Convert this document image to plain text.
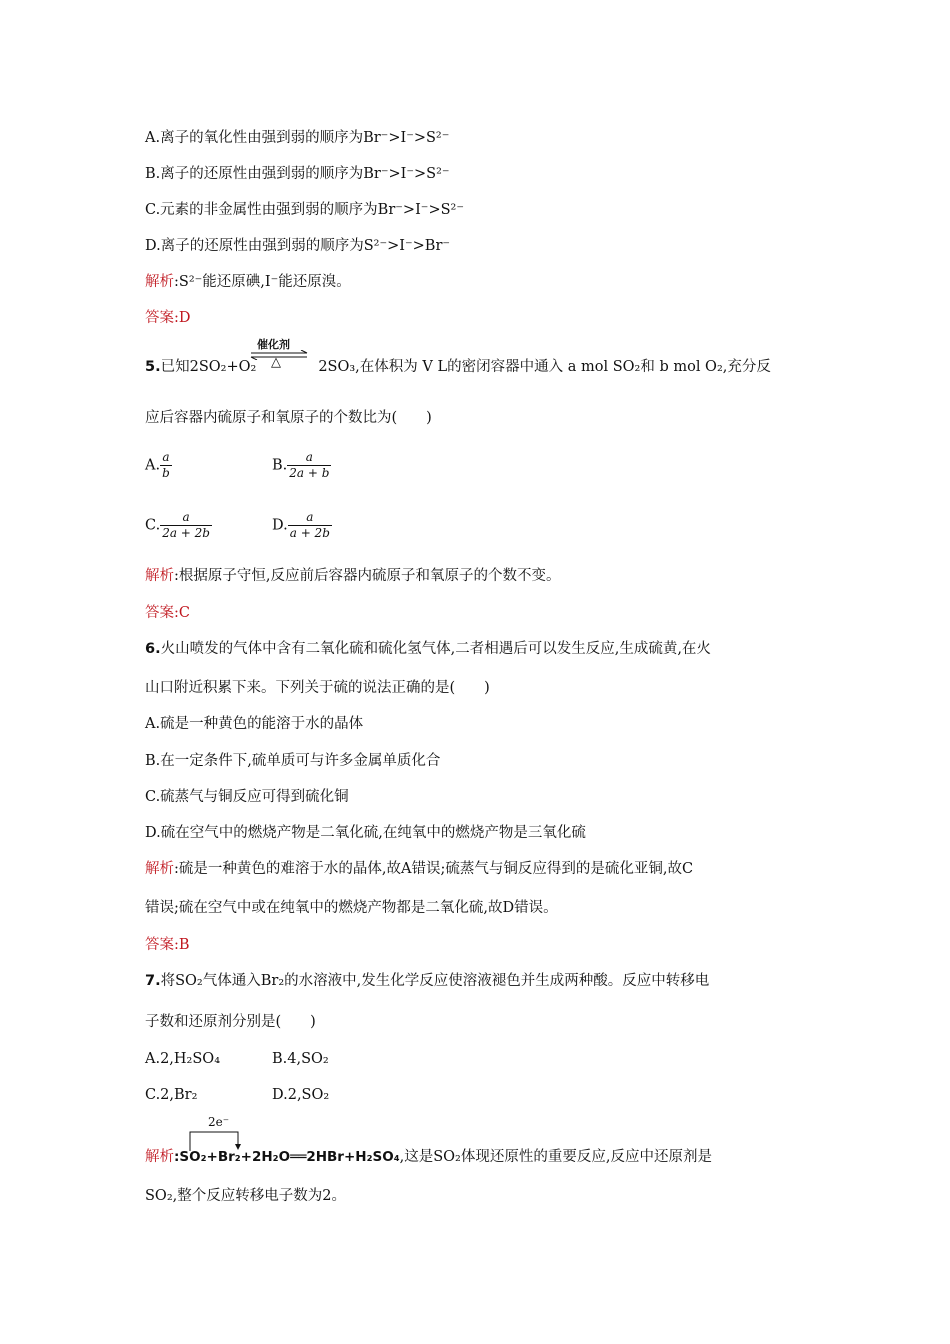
A.离子的氧化性由强到弱的顺序为Br⁻>I⁻>S²⁻
B.离子的还原性由强到弱的顺序为Br⁻>I⁻>S²⁻
C.元素的非金属性由强到弱的顺序为Br⁻>I⁻>S²⁻
D.离子的还原性由强到弱的顺序为S²⁻>I⁻>Br⁻
解析:S²⁻能还原碘,I⁻能还原溴。
答案:D
5.已知2SO₂+O₂	2SO₃,在体积为 V L的密闭容器中通入 a mol SO₂和 b mol O₂,充分反
催化剂
△
应后容器内硫原子和氧原子的个数比为(　　)
A. $\frac{a}{b}$	B. $\frac{a}{2a + b}$
C. $\frac{a}{2a + 2b}$	D. $\frac{a}{a + 2b}$
解析:根据原子守恒,反应前后容器内硫原子和氧原子的个数不变。
答案:C
6.火山喷发的气体中含有二氧化硫和硫化氢气体,二者相遇后可以发生反应,生成硫黄,在火
山口附近积累下来。下列关于硫的说法正确的是(　　)
A.硫是一种黄色的能溶于水的晶体
B.在一定条件下,硫单质可与许多金属单质化合
C.硫蒸气与铜反应可得到硫化铜
D.硫在空气中的燃烧产物是二氧化硫,在纯氧中的燃烧产物是三氧化硫
解析:硫是一种黄色的难溶于水的晶体,故A错误;硫蒸气与铜反应得到的是硫化亚铜,故C
错误;硫在空气中或在纯氧中的燃烧产物都是二氧化硫,故D错误。
答案:B
7.将SO₂气体通入Br₂的水溶液中,发生化学反应使溶液褪色并生成两种酸。反应中转移电
子数和还原剂分别是(　　)
A.2,H₂SO₄	B.4,SO₂
C.2,Br₂	D.2,SO₂
2e⁻
解析:SO₂+Br₂+2H₂O══2HBr+H₂SO₄,这是SO₂体现还原性的重要反应,反应中还原剂是
SO₂,整个反应转移电子数为2。
